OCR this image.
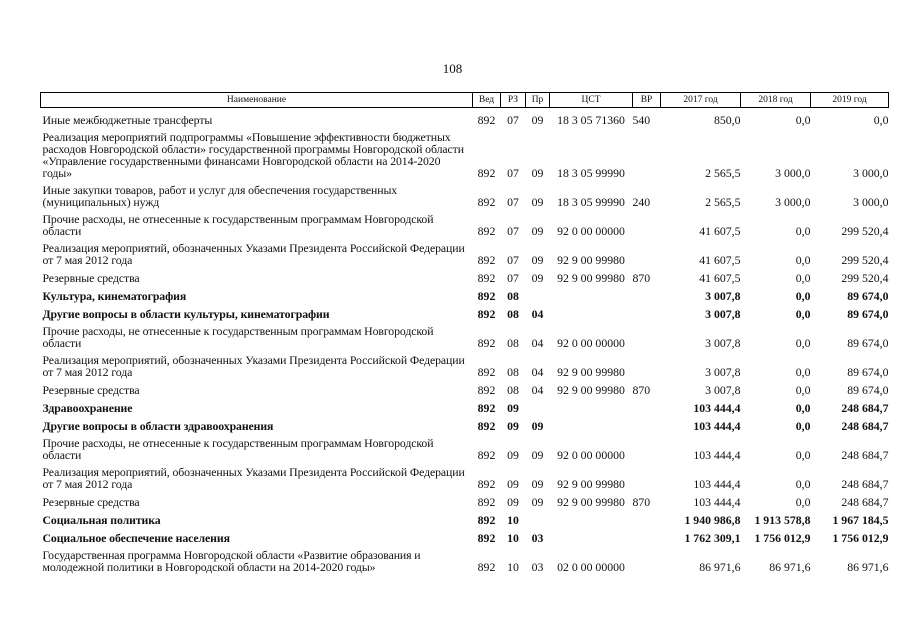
108
Наименование	Вед	РЗ	Пр	ЦСТ	ВР	2017 год	2018 год	2019 год
Иные межбюджетные трансферты	892	07	09	18 3 05 71360	540	850,0	0,0	0,0
Реализация мероприятий подпрограммы «Повышение эффективности бюджетных расходов Новгородской области» государственной программы Новгородской области «Управление государственными финансами Новгородской области на 2014-2020 годы»	892	07	09	18 3 05 99990		2 565,5	3 000,0	3 000,0
Иные закупки товаров, работ и услуг для обеспечения государственных (муниципальных) нужд	892	07	09	18 3 05 99990	240	2 565,5	3 000,0	3 000,0
Прочие расходы, не отнесенные к государственным программам Новгородской области	892	07	09	92 0 00 00000		41 607,5	0,0	299 520,4
Реализация мероприятий, обозначенных Указами Президента Российской Федерации от 7 мая 2012 года	892	07	09	92 9 00 99980		41 607,5	0,0	299 520,4
Резервные средства	892	07	09	92 9 00 99980	870	41 607,5	0,0	299 520,4
Культура, кинематография	892	08				3 007,8	0,0	89 674,0
Другие вопросы в области культуры, кинематографии	892	08	04			3 007,8	0,0	89 674,0
Прочие расходы, не отнесенные к государственным программам Новгородской области	892	08	04	92 0 00 00000		3 007,8	0,0	89 674,0
Реализация мероприятий, обозначенных Указами Президента Российской Федерации от 7 мая 2012 года	892	08	04	92 9 00 99980		3 007,8	0,0	89 674,0
Резервные средства	892	08	04	92 9 00 99980	870	3 007,8	0,0	89 674,0
Здравоохранение	892	09				103 444,4	0,0	248 684,7
Другие вопросы в области здравоохранения	892	09	09			103 444,4	0,0	248 684,7
Прочие расходы, не отнесенные к государственным программам Новгородской области	892	09	09	92 0 00 00000		103 444,4	0,0	248 684,7
Реализация мероприятий, обозначенных Указами Президента Российской Федерации от 7 мая 2012 года	892	09	09	92 9 00 99980		103 444,4	0,0	248 684,7
Резервные средства	892	09	09	92 9 00 99980	870	103 444,4	0,0	248 684,7
Социальная политика	892	10				1 940 986,8	1 913 578,8	1 967 184,5
Социальное обеспечение населения	892	10	03			1 762 309,1	1 756 012,9	1 756 012,9
Государственная программа Новгородской области «Развитие образования и молодежной политики в Новгородской области на 2014-2020 годы»	892	10	03	02 0 00 00000		86 971,6	86 971,6	86 971,6
